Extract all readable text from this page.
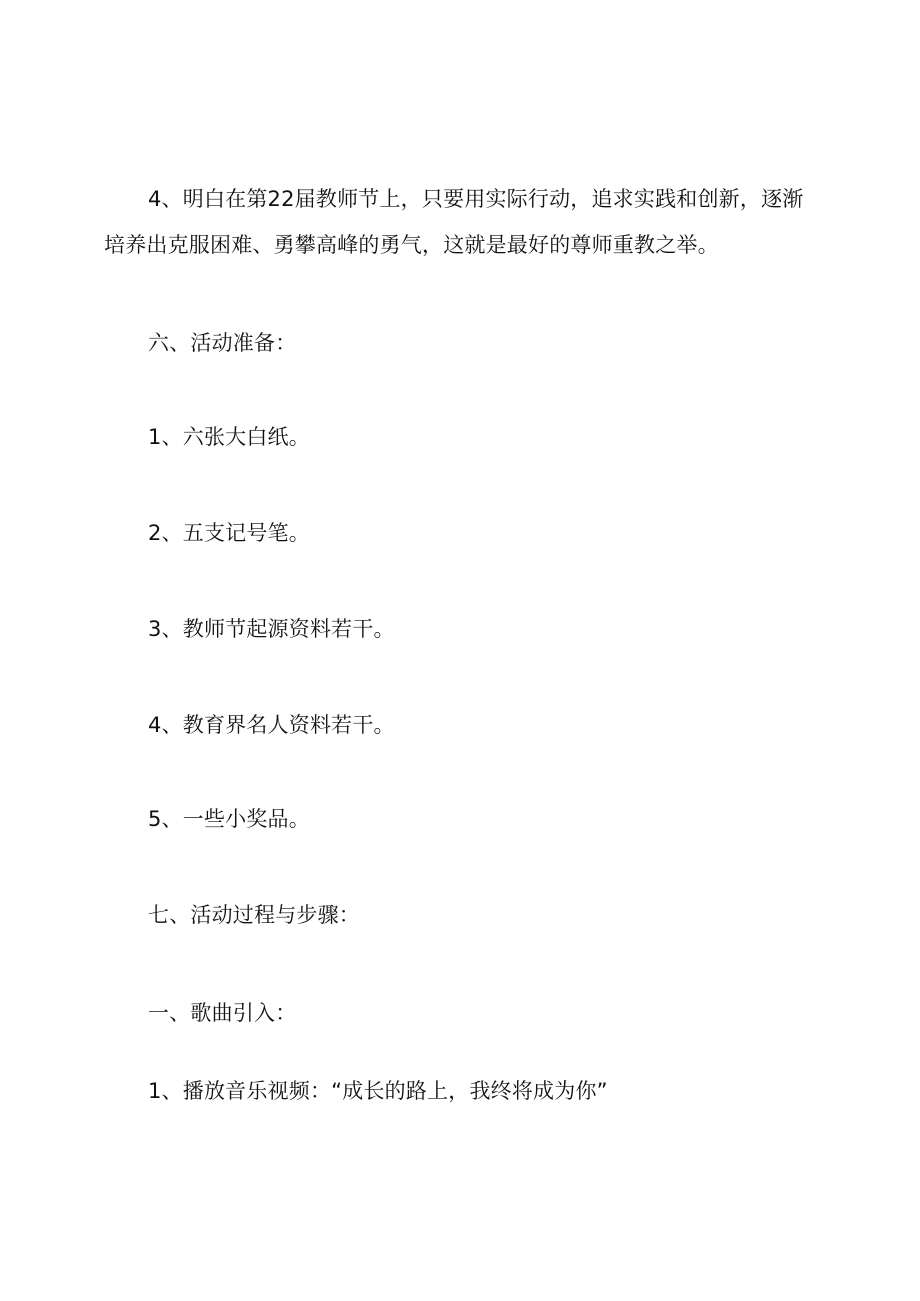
4、明白在第22届教师节上，只要用实际行动，追求实践和创新，逐渐
培养出克服困难、勇攀高峰的勇气，这就是最好的尊师重教之举。
六、活动准备：
1、六张大白纸。
2、五支记号笔。
3、教师节起源资料若干。
4、教育界名人资料若干。
5、一些小奖品。
七、活动过程与步骤：
一、歌曲引入：
1、播放音乐视频：“成长的路上，我终将成为你”
